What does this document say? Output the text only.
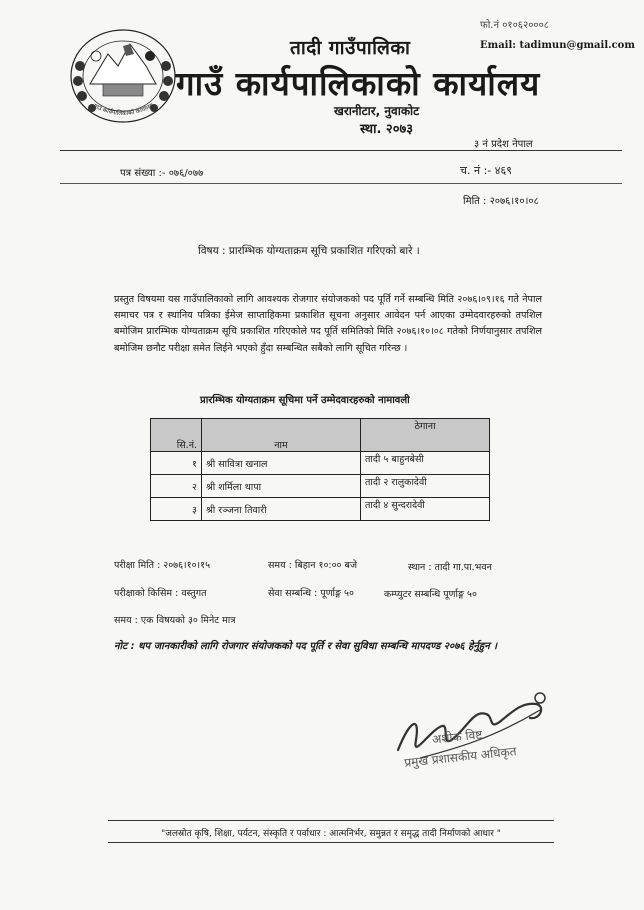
गाउँ कार्यपालिकाको कार्यालय
तादी गाउँपालिका
गाउँ कार्यपालिकाको कार्यालय
खरानीटार, नुवाकोट
स्था. २०७३
फो.नं ०१०६२०००८
Email: tadimun@gmail.com
३ नं प्रदेश नेपाल
पत्र संख्या :- ०७६/०७७	च. नं :- ४६९
मिति : २०७६।१०।०८
विषय : प्रारम्भिक योग्यताक्रम सूचि प्रकाशित गरिएको बारे ।
प्रस्तुत विषयमा यस गाउँपालिकाको लागि आवश्यक रोजगार संयोजकको पद पूर्ति गर्ने सम्बन्धि मिति २०७६।०९।१६ गते नेपाल समाचर पत्र र स्थानिय पत्रिका ईमेज साप्ताहिकमा प्रकाशित सूचना अनुसार आवेदन पर्न आएका उम्मेदवारहरुको तपशिल बमोजिम प्रारम्भिक योग्यताक्रम सूचि प्रकाशित गरिएकोले पद पूर्ति समितिको मिति २०७६।१०।०८ गतेको निर्णयानुसार तपशिल बमोजिम छनौट परीक्षा समेत लिईने भएको हुँदा सम्बन्धित सबैको लागि सूचित गरिन्छ ।
प्रारम्भिक योग्यताक्रम सूचिमा पर्ने उम्मेदवारहरुको नामावली
सि.नं.	नाम	ठेगाना
१	श्री सावित्रा खनाल	तादी ५ बाहुनबेसी
२	श्री शर्मिला थापा	तादी २ रालुकादेवी
३	श्री रञ्जना तिवारी	तादी ४ सुन्दरादेवी
परीक्षा मिति : २०७६।१०।१५	समय : बिहान १०:०० बजे	स्थान : तादी गा.पा.भवन
परीक्षाको किसिम : वस्तुगत	सेवा सम्बन्धि : पूर्णाङ्ग ५०	कम्प्युटर सम्बन्धि पूर्णाङ्ग ५०
समय : एक विषयको ३० मिनेट मात्र
नोट : थप जानकारीको लागि रोजगार संयोजकको पद पूर्ति र सेवा सुविधा सम्बन्धि मापदण्ड २०७६ हेर्नुहुन ।
अशोक विष्ट
प्रमुख प्रशासकीय अधिकृत
"जलस्रोत कृषि, शिक्षा, पर्यटन, संस्कृति र पर्वाधार : आत्मनिर्भर, समुन्नत र समृद्ध तादी निर्माणको आधार "
